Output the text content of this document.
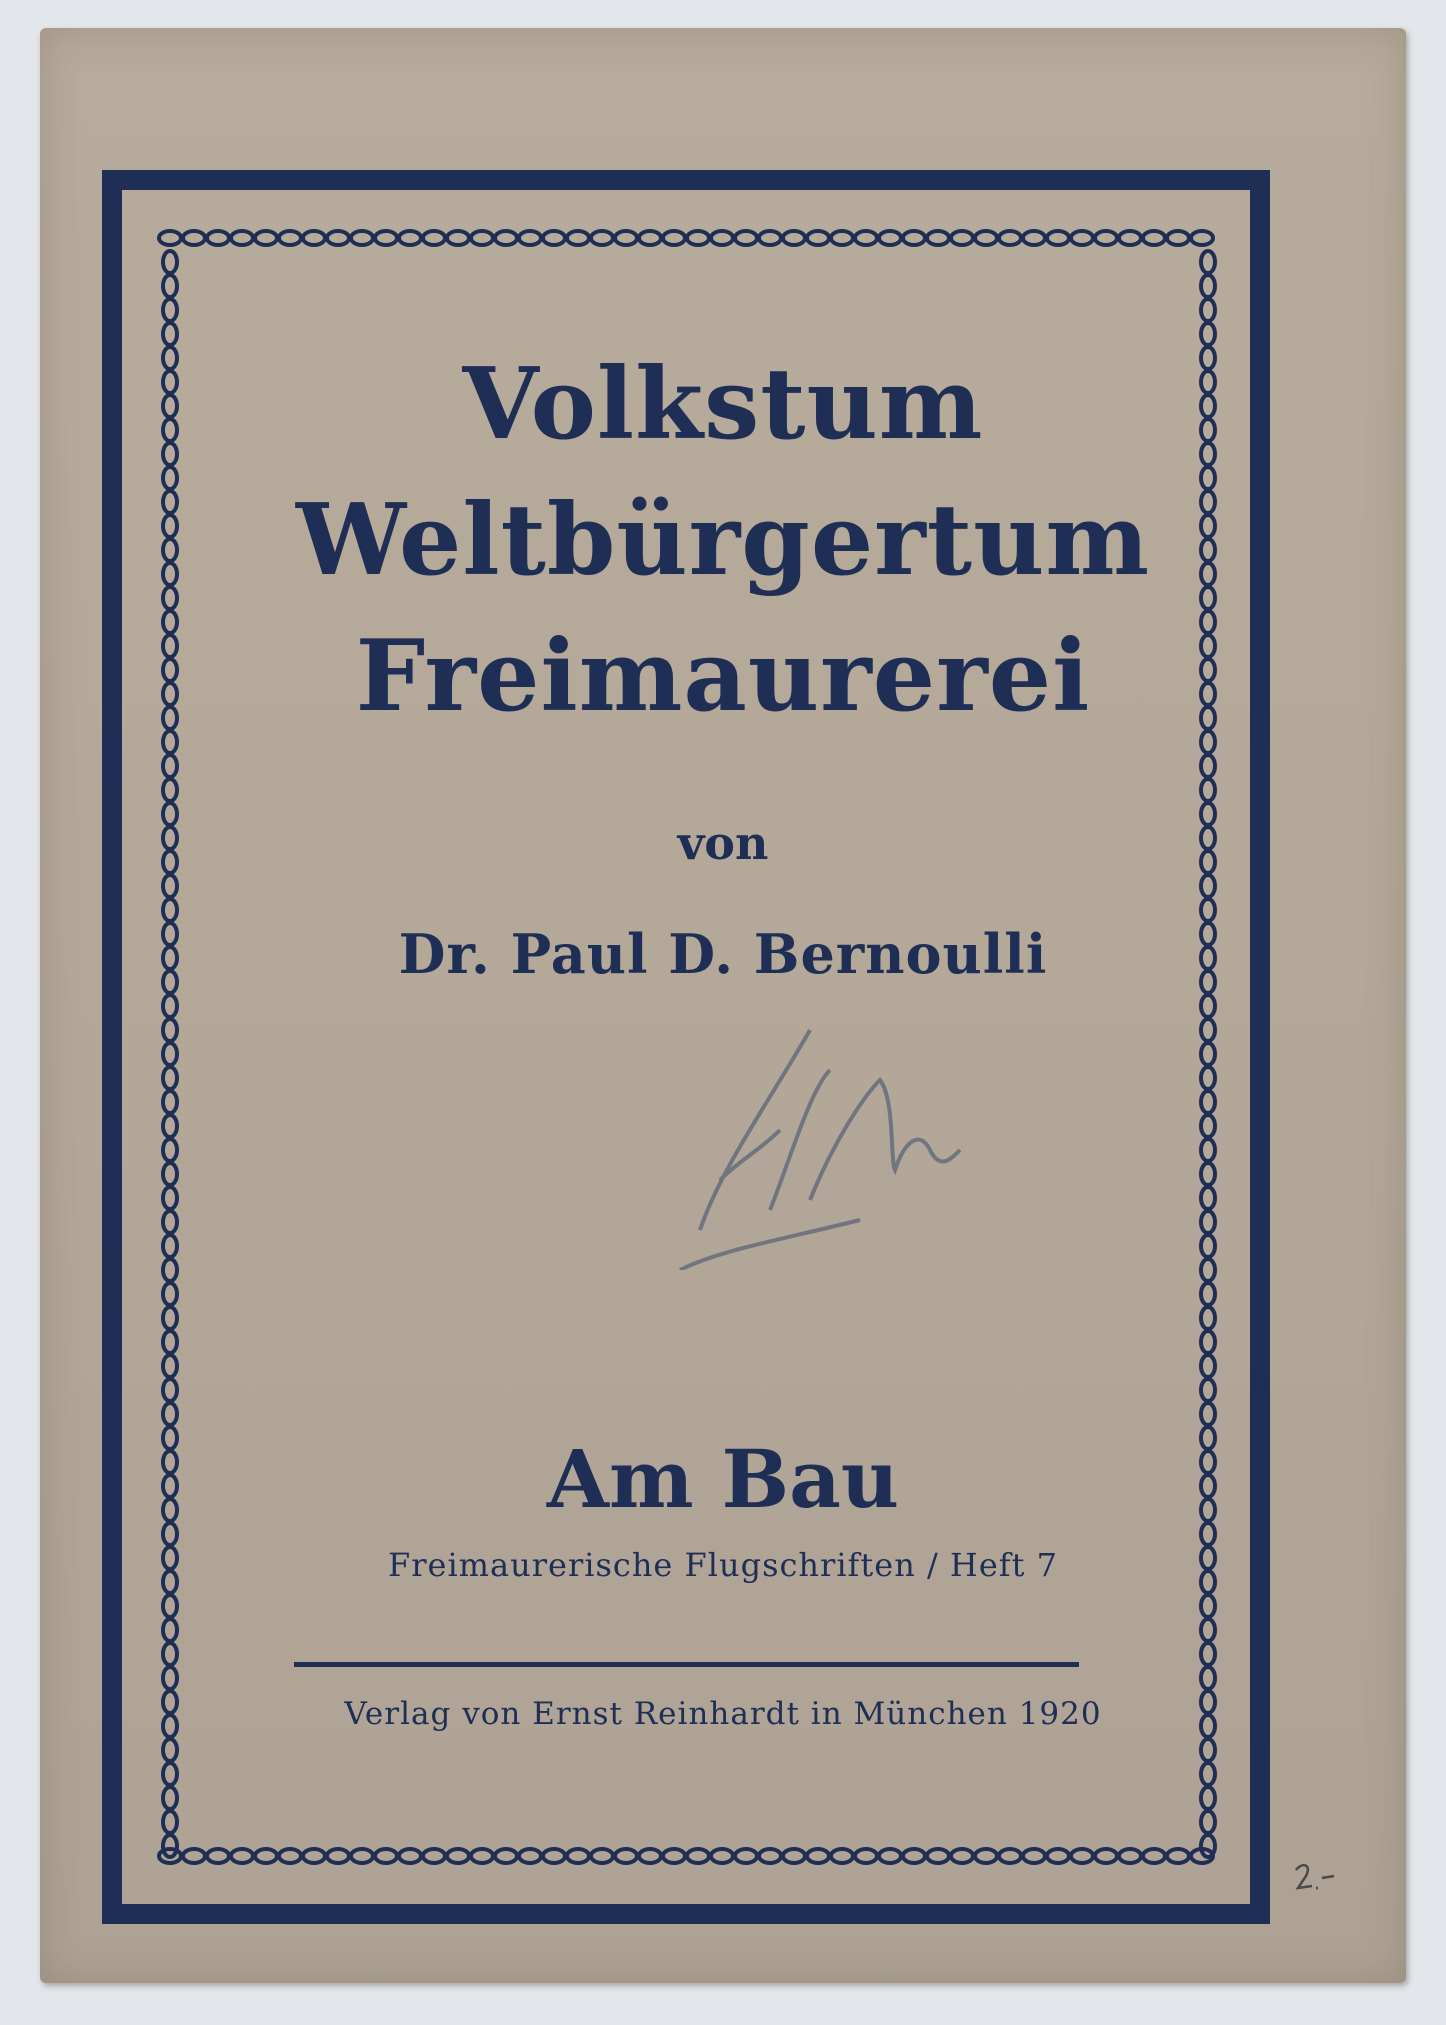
Volkstum
Weltbürgertum
Freimaurerei
von
Dr. Paul D. Bernoulli
Am Bau
Freimaurerische Flugschriften / Heft 7
Verlag von Ernst Reinhardt in München 1920
